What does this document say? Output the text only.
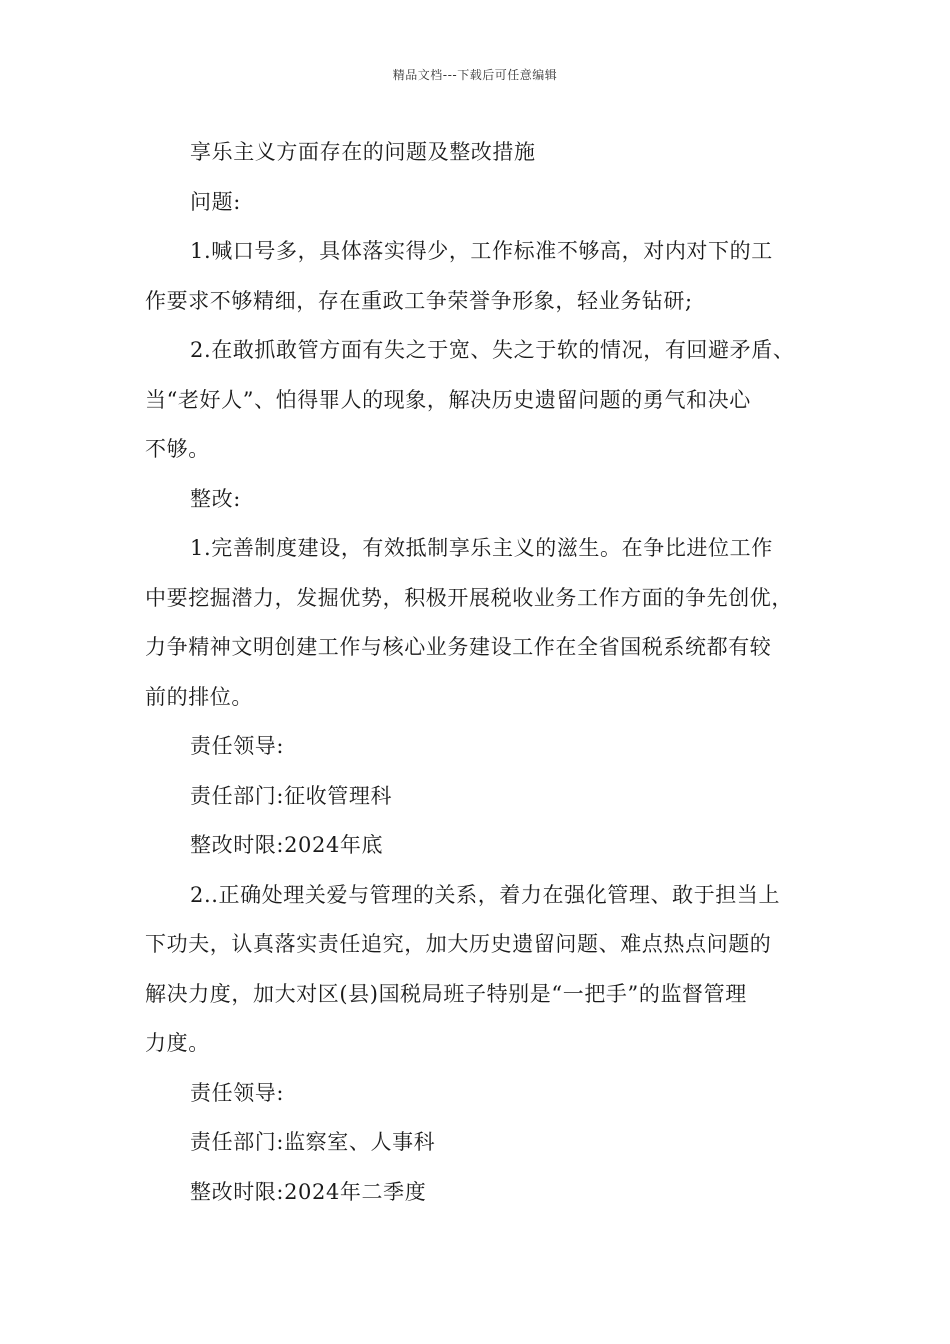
精品文档---下载后可任意编辑
享乐主义方面存在的问题及整改措施
问题:
1.喊口号多，具体落实得少，工作标准不够高，对内对下的工
作要求不够精细，存在重政工争荣誉争形象，轻业务钻研;
2.在敢抓敢管方面有失之于宽、失之于软的情况，有回避矛盾、
当“老好人”、怕得罪人的现象，解决历史遗留问题的勇气和决心
不够。
整改:
1.完善制度建设，有效抵制享乐主义的滋生。在争比进位工作
中要挖掘潜力，发掘优势，积极开展税收业务工作方面的争先创优，
力争精神文明创建工作与核心业务建设工作在全省国税系统都有较
前的排位。
责任领导:
责任部门:征收管理科
整改时限:2024年底
2..正确处理关爱与管理的关系，着力在强化管理、敢于担当上
下功夫，认真落实责任追究，加大历史遗留问题、难点热点问题的
解决力度，加大对区(县)国税局班子特别是“一把手”的监督管理
力度。
责任领导:
责任部门:监察室、人事科
整改时限:2024年二季度
